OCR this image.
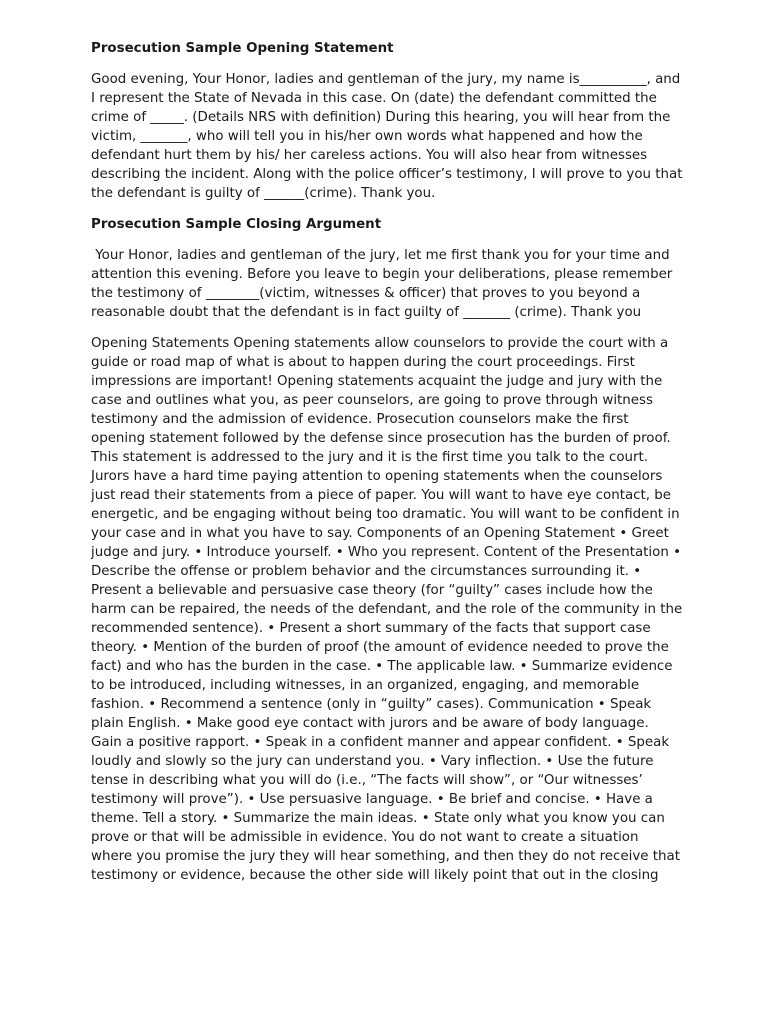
Prosecution Sample Opening Statement
Good evening, Your Honor, ladies and gentleman of the jury, my name is__________, and I represent the State of Nevada in this case. On (date) the defendant committed the crime of _____. (Details NRS with definition) During this hearing, you will hear from the victim, _______, who will tell you in his/her own words what happened and how the defendant hurt them by his/ her careless actions. You will also hear from witnesses describing the incident. Along with the police officer’s testimony, I will prove to you that the defendant is guilty of ______(crime). Thank you.
Prosecution Sample Closing Argument
Your Honor, ladies and gentleman of the jury, let me first thank you for your time and attention this evening. Before you leave to begin your deliberations, please remember the testimony of ________(victim, witnesses & officer) that proves to you beyond a reasonable doubt that the defendant is in fact guilty of _______ (crime). Thank you
Opening Statements Opening statements allow counselors to provide the court with a guide or road map of what is about to happen during the court proceedings. First impressions are important! Opening statements acquaint the judge and jury with the case and outlines what you, as peer counselors, are going to prove through witness testimony and the admission of evidence. Prosecution counselors make the first opening statement followed by the defense since prosecution has the burden of proof. This statement is addressed to the jury and it is the first time you talk to the court. Jurors have a hard time paying attention to opening statements when the counselors just read their statements from a piece of paper. You will want to have eye contact, be energetic, and be engaging without being too dramatic. You will want to be confident in your case and in what you have to say. Components of an Opening Statement • Greet judge and jury. • Introduce yourself. • Who you represent. Content of the Presentation • Describe the offense or problem behavior and the circumstances surrounding it. • Present a believable and persuasive case theory (for “guilty” cases include how the harm can be repaired, the needs of the defendant, and the role of the community in the recommended sentence). • Present a short summary of the facts that support case theory. • Mention of the burden of proof (the amount of evidence needed to prove the fact) and who has the burden in the case. • The applicable law. • Summarize evidence to be introduced, including witnesses, in an organized, engaging, and memorable fashion. • Recommend a sentence (only in “guilty” cases). Communication • Speak plain English. • Make good eye contact with jurors and be aware of body language. Gain a positive rapport. • Speak in a confident manner and appear confident. • Speak loudly and slowly so the jury can understand you. • Vary inflection. • Use the future tense in describing what you will do (i.e., “The facts will show”, or “Our witnesses’ testimony will prove”). • Use persuasive language. • Be brief and concise. • Have a theme. Tell a story. • Summarize the main ideas. • State only what you know you can prove or that will be admissible in evidence. You do not want to create a situation where you promise the jury they will hear something, and then they do not receive that testimony or evidence, because the other side will likely point that out in the closing
